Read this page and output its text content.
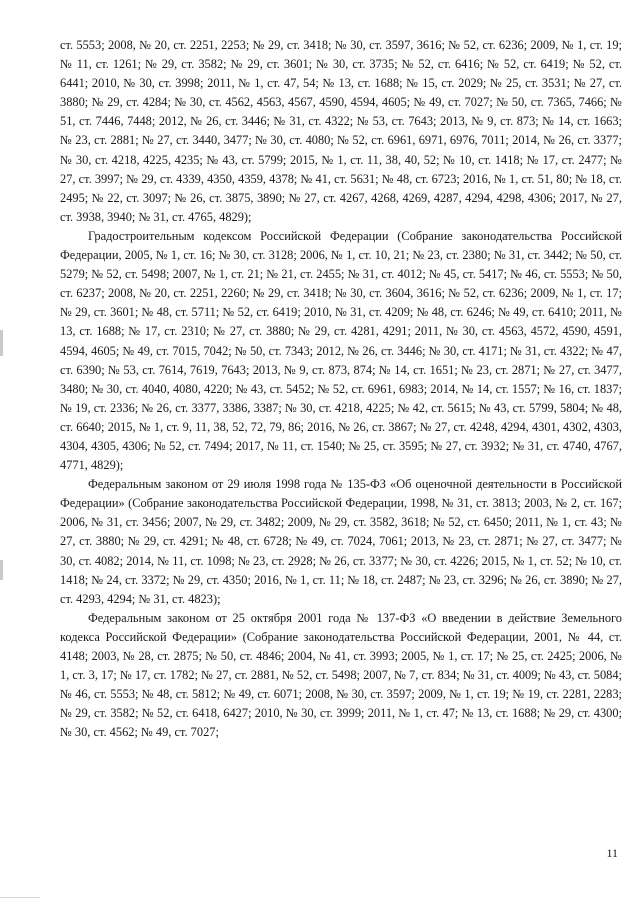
ст. 5553; 2008, № 20, ст. 2251, 2253; № 29, ст. 3418; № 30, ст. 3597, 3616; № 52, ст. 6236; 2009, № 1, ст. 19; № 11, ст. 1261; № 29, ст. 3582; № 29, ст. 3601; № 30, ст. 3735; № 52, ст. 6416; № 52, ст. 6419; № 52, ст. 6441; 2010, № 30, ст. 3998; 2011, № 1, ст. 47, 54; № 13, ст. 1688; № 15, ст. 2029; № 25, ст. 3531; № 27, ст. 3880; № 29, ст. 4284; № 30, ст. 4562, 4563, 4567, 4590, 4594, 4605; № 49, ст. 7027; № 50, ст. 7365, 7466; № 51, ст. 7446, 7448; 2012, № 26, ст. 3446; № 31, ст. 4322; № 53, ст. 7643; 2013, № 9, ст. 873; № 14, ст. 1663; № 23, ст. 2881; № 27, ст. 3440, 3477; № 30, ст. 4080; № 52, ст. 6961, 6971, 6976, 7011; 2014, № 26, ст. 3377; № 30, ст. 4218, 4225, 4235; № 43, ст. 5799; 2015, № 1, ст. 11, 38, 40, 52; № 10, ст. 1418; № 17, ст. 2477; № 27, ст. 3997; № 29, ст. 4339, 4350, 4359, 4378; № 41, ст. 5631; № 48, ст. 6723; 2016, № 1, ст. 51, 80; № 18, ст. 2495; № 22, ст. 3097; № 26, ст. 3875, 3890; № 27, ст. 4267, 4268, 4269, 4287, 4294, 4298, 4306; 2017, № 27, ст. 3938, 3940; № 31, ст. 4765, 4829);

Градостроительным кодексом Российской Федерации (Собрание законодательства Российской Федерации, 2005, № 1, ст. 16; № 30, ст. 3128; 2006, № 1, ст. 10, 21; № 23, ст. 2380; № 31, ст. 3442; № 50, ст. 5279; № 52, ст. 5498; 2007, № 1, ст. 21; № 21, ст. 2455; № 31, ст. 4012; № 45, ст. 5417; № 46, ст. 5553; № 50, ст. 6237; 2008, № 20, ст. 2251, 2260; № 29, ст. 3418; № 30, ст. 3604, 3616; № 52, ст. 6236; 2009, № 1, ст. 17; № 29, ст. 3601; № 48, ст. 5711; № 52, ст. 6419; 2010, № 31, ст. 4209; № 48, ст. 6246; № 49, ст. 6410; 2011, № 13, ст. 1688; № 17, ст. 2310; № 27, ст. 3880; № 29, ст. 4281, 4291; 2011, № 30, ст. 4563, 4572, 4590, 4591, 4594, 4605; № 49, ст. 7015, 7042; № 50, ст. 7343; 2012, № 26, ст. 3446; № 30, ст. 4171; № 31, ст. 4322; № 47, ст. 6390; № 53, ст. 7614, 7619, 7643; 2013, № 9, ст. 873, 874; № 14, ст. 1651; № 23, ст. 2871; № 27, ст. 3477, 3480; № 30, ст. 4040, 4080, 4220; № 43, ст. 5452; № 52, ст. 6961, 6983; 2014, № 14, ст. 1557; № 16, ст. 1837; № 19, ст. 2336; № 26, ст. 3377, 3386, 3387; № 30, ст. 4218, 4225; № 42, ст. 5615; № 43, ст. 5799, 5804; № 48, ст. 6640; 2015, № 1, ст. 9, 11, 38, 52, 72, 79, 86; 2016, № 26, ст. 3867; № 27, ст. 4248, 4294, 4301, 4302, 4303, 4304, 4305, 4306; № 52, ст. 7494; 2017, № 11, ст. 1540; № 25, ст. 3595; № 27, ст. 3932; № 31, ст. 4740, 4767, 4771, 4829);

Федеральным законом от 29 июля 1998 года № 135-ФЗ «Об оценочной деятельности в Российской Федерации» (Собрание законодательства Российской Федерации, 1998, № 31, ст. 3813; 2003, № 2, ст. 167; 2006, № 31, ст. 3456; 2007, № 29, ст. 3482; 2009, № 29, ст. 3582, 3618; № 52, ст. 6450; 2011, № 1, ст. 43; № 27, ст. 3880; № 29, ст. 4291; № 48, ст. 6728; № 49, ст. 7024, 7061; 2013, № 23, ст. 2871; № 27, ст. 3477; № 30, ст. 4082; 2014, № 11, ст. 1098; № 23, ст. 2928; № 26, ст. 3377; № 30, ст. 4226; 2015, № 1, ст. 52; № 10, ст. 1418; № 24, ст. 3372; № 29, ст. 4350; 2016, № 1, ст. 11; № 18, ст. 2487; № 23, ст. 3296; № 26, ст. 3890; № 27, ст. 4293, 4294; № 31, ст. 4823);

Федеральным законом от 25 октября 2001 года № 137-ФЗ «О введении в действие Земельного кодекса Российской Федерации» (Собрание законодательства Российской Федерации, 2001, № 44, ст. 4148; 2003, № 28, ст. 2875; № 50, ст. 4846; 2004, № 41, ст. 3993; 2005, № 1, ст. 17; № 25, ст. 2425; 2006, № 1, ст. 3, 17; № 17, ст. 1782; № 27, ст. 2881, № 52, ст. 5498; 2007, № 7, ст. 834; № 31, ст. 4009; № 43, ст. 5084; № 46, ст. 5553; № 48, ст. 5812; № 49, ст. 6071; 2008, № 30, ст. 3597; 2009, № 1, ст. 19; № 19, ст. 2281, 2283; № 29, ст. 3582; № 52, ст. 6418, 6427; 2010, № 30, ст. 3999; 2011, № 1, ст. 47; № 13, ст. 1688; № 29, ст. 4300; № 30, ст. 4562; № 49, ст. 7027;

11
